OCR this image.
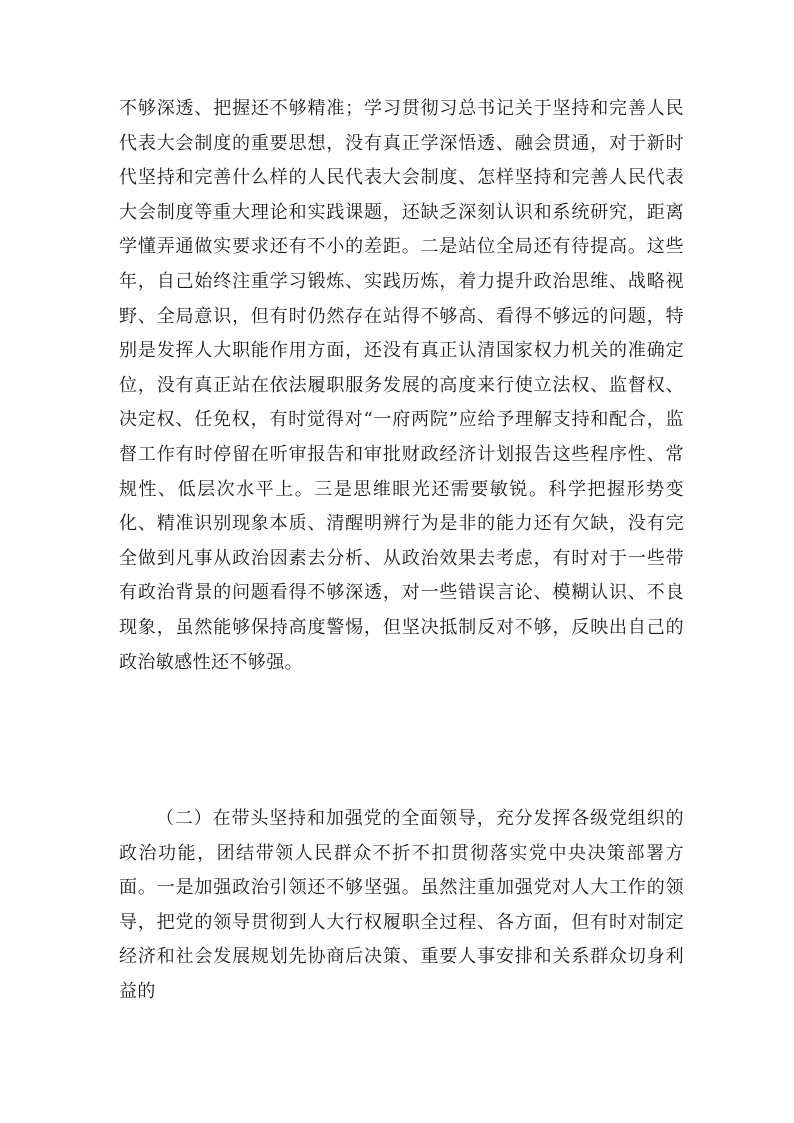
不够深透、把握还不够精准；学习贯彻习总书记关于坚持和完善人民代表大会制度的重要思想，没有真正学深悟透、融会贯通，对于新时代坚持和完善什么样的人民代表大会制度、怎样坚持和完善人民代表大会制度等重大理论和实践课题，还缺乏深刻认识和系统研究，距离学懂弄通做实要求还有不小的差距。二是站位全局还有待提高。这些年，自己始终注重学习锻炼、实践历炼，着力提升政治思维、战略视野、全局意识，但有时仍然存在站得不够高、看得不够远的问题，特别是发挥人大职能作用方面，还没有真正认清国家权力机关的准确定位，没有真正站在依法履职服务发展的高度来行使立法权、监督权、决定权、任免权，有时觉得对“一府两院”应给予理解支持和配合，监督工作有时停留在听审报告和审批财政经济计划报告这些程序性、常规性、低层次水平上。三是思维眼光还需要敏锐。科学把握形势变化、精准识别现象本质、清醒明辨行为是非的能力还有欠缺，没有完全做到凡事从政治因素去分析、从政治效果去考虑，有时对于一些带有政治背景的问题看得不够深透，对一些错误言论、模糊认识、不良现象，虽然能够保持高度警惕，但坚决抵制反对不够，反映出自己的政治敏感性还不够强。

（二）在带头坚持和加强党的全面领导，充分发挥各级党组织的政治功能，团结带领人民群众不折不扣贯彻落实党中央决策部署方面。一是加强政治引领还不够坚强。虽然注重加强党对人大工作的领导，把党的领导贯彻到人大行权履职全过程、各方面，但有时对制定经济和社会发展规划先协商后决策、重要人事安排和关系群众切身利益的
